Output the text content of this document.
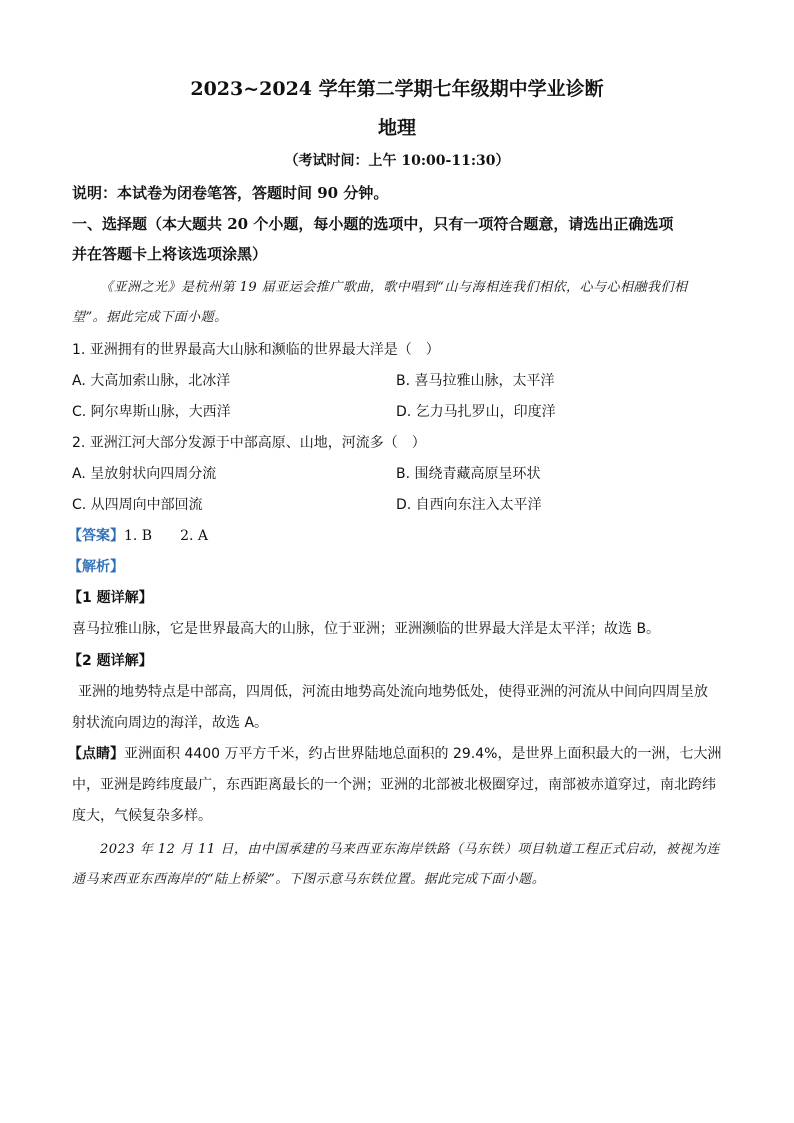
2023~2024 学年第二学期七年级期中学业诊断
地理
（考试时间：上午 10:00-11:30）
说明：本试卷为闭卷笔答，答题时间 90 分钟。
一、选择题（本大题共 20 个小题，每小题的选项中，只有一项符合题意，请选出正确选项
并在答题卡上将该选项涂黑）
《亚洲之光》是杭州第 19 届亚运会推广歌曲，歌中唱到“山与海相连我们相依，心与心相融我们相
望”。据此完成下面小题。
1. 亚洲拥有的世界最高大山脉和濒临的世界最大洋是（　）
A. 大高加索山脉，北冰洋	B. 喜马拉雅山脉，太平洋
C. 阿尔卑斯山脉，大西洋	D. 乞力马扎罗山，印度洋
2. 亚洲江河大部分发源于中部高原、山地，河流多（　）
A. 呈放射状向四周分流	B. 围绕青藏高原呈环状
C. 从四周向中部回流	D. 自西向东注入太平洋
【答案】1. B　　2. A
【解析】
【1 题详解】
喜马拉雅山脉，它是世界最高大的山脉，位于亚洲；亚洲濒临的世界最大洋是太平洋；故选 B。
【2 题详解】
亚洲的地势特点是中部高，四周低，河流由地势高处流向地势低处，使得亚洲的河流从中间向四周呈放
射状流向周边的海洋，故选 A。
【点睛】亚洲面积 4400 万平方千米，约占世界陆地总面积的 29.4%，是世界上面积最大的一洲，七大洲
中，亚洲是跨纬度最广，东西距离最长的一个洲；亚洲的北部被北极圈穿过，南部被赤道穿过，南北跨纬
度大，气候复杂多样。
2023 年 12 月 11 日，由中国承建的马来西亚东海岸铁路（马东铁）项目轨道工程正式启动，被视为连
通马来西亚东西海岸的“陆上桥梁”。下图示意马东铁位置。据此完成下面小题。
